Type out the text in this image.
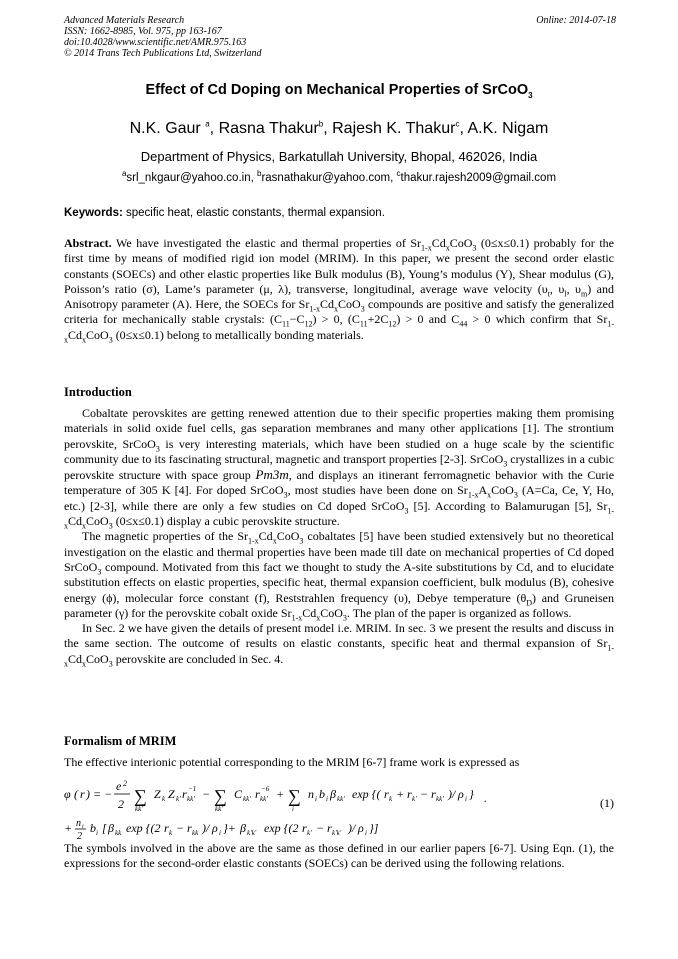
Advanced Materials Research
ISSN: 1662-8985, Vol. 975, pp 163-167
doi:10.4028/www.scientific.net/AMR.975.163
© 2014 Trans Tech Publications Ltd, Switzerland
Online: 2014-07-18
Effect of Cd Doping on Mechanical Properties of SrCoO$_3$
N.K. Gaur $^a$, Rasna Thakur$^b$, Rajesh K. Thakur$^c$, A.K. Nigam
Department of Physics, Barkatullah University, Bhopal, 462026, India
$^a$srl_nkgaur@yahoo.co.in, $^b$rasnathakur@yahoo.com, $^c$thakur.rajesh2009@gmail.com
Keywords: specific heat, elastic constants, thermal expansion.
Abstract. We have investigated the elastic and thermal properties of $Sr_{1-x}Cd_xCoO_3$ (0≤x≤0.1) probably for the first time by means of modified rigid ion model (MRIM). In this paper, we present the second order elastic constants (SOECs) and other elastic properties like Bulk modulus (B), Young’s modulus (Y), Shear modulus (G), Poisson’s ratio (σ), Lame’s parameter (μ, λ), transverse, longitudinal, average wave velocity ($\upsilon_t$, $\upsilon_l$, $\upsilon_m$) and Anisotropy parameter (A). Here, the SOECs for $Sr_{1-x}Cd_xCoO_3$ compounds are positive and satisfy the generalized criteria for mechanically stable crystals: $(C_{11}-C_{12}) > 0$, $(C_{11}+2C_{12}) > 0$ and $C_{44} > 0$ which confirm that $Sr_{1-x}Cd_xCoO_3$ (0≤x≤0.1) belong to metallically bonding materials.
Introduction

Cobaltate perovskites are getting renewed attention due to their specific properties making them promising materials in solid oxide fuel cells, gas separation membranes and many other applications [1]. The strontium perovskite, SrCoO$_3$ is very interesting materials, which have been studied on a huge scale by the scientific community due to its fascinating structural, magnetic and transport properties [2-3]. SrCoO$_3$ crystallizes in a cubic perovskite structure with space group Pm3m, and displays an itinerant ferromagnetic behavior with the Curie temperature of 305 K [4]. For doped SrCoO$_3$, most studies have been done on $Sr_{1-x}A_xCoO_3$ (A=Ca, Ce, Y, Ho, etc.) [2-3], while there are only a few studies on Cd doped SrCoO$_3$ [5]. According to Balamurugan [5], $Sr_{1-x}Cd_xCoO_3$ (0≤x≤0.1) display a cubic perovskite structure.

The magnetic properties of the $Sr_{1-x}Cd_xCoO_3$ cobaltates [5] have been studied extensively but no theoretical investigation on the elastic and thermal properties have been made till date on mechanical properties of Cd doped SrCoO$_3$ compound. Motivated from this fact we thought to study the A-site substitutions by Cd, and to elucidate substitution effects on elastic properties, specific heat, thermal expansion coefficient, bulk modulus (B), cohesive energy (ϕ), molecular force constant (f), Reststrahlen frequency (υ), Debye temperature $(\theta_D)$ and Gruneisen parameter (γ) for the perovskite cobalt oxide $Sr_{1-x}Cd_xCoO_3$. The plan of the paper is organized as follows.

In Sec. 2 we have given the details of present model i.e. MRIM. In sec. 3 we present the results and discuss in the same section. The outcome of results on elastic constants, specific heat and thermal expansion of $Sr_{1-x}Cd_xCoO_3$ perovskite are concluded in Sec. 4.

Formalism of MRIM
The effective interionic potential corresponding to the MRIM [6-7] frame work is expressed as
φ ( r ) = −
e 2
2 ∑
kk'
Z k Z k' r kk'
−1 − ∑
kk'
C kk' r kk'
−6 + ∑
i
n i b i β kk' exp {( r k + r k' − r kk' )/ ρ i } .	(1)
+ n i
2
b i [ β kk exp {(2 r k − r kk )/ ρ i }+ β k'k' exp {(2 r k' − r k'k' )/ ρ i }]
The symbols involved in the above are the same as those defined in our earlier papers [6-7]. Using Eqn. (1), the expressions for the second-order elastic constants (SOECs) can be derived using the following relations.
